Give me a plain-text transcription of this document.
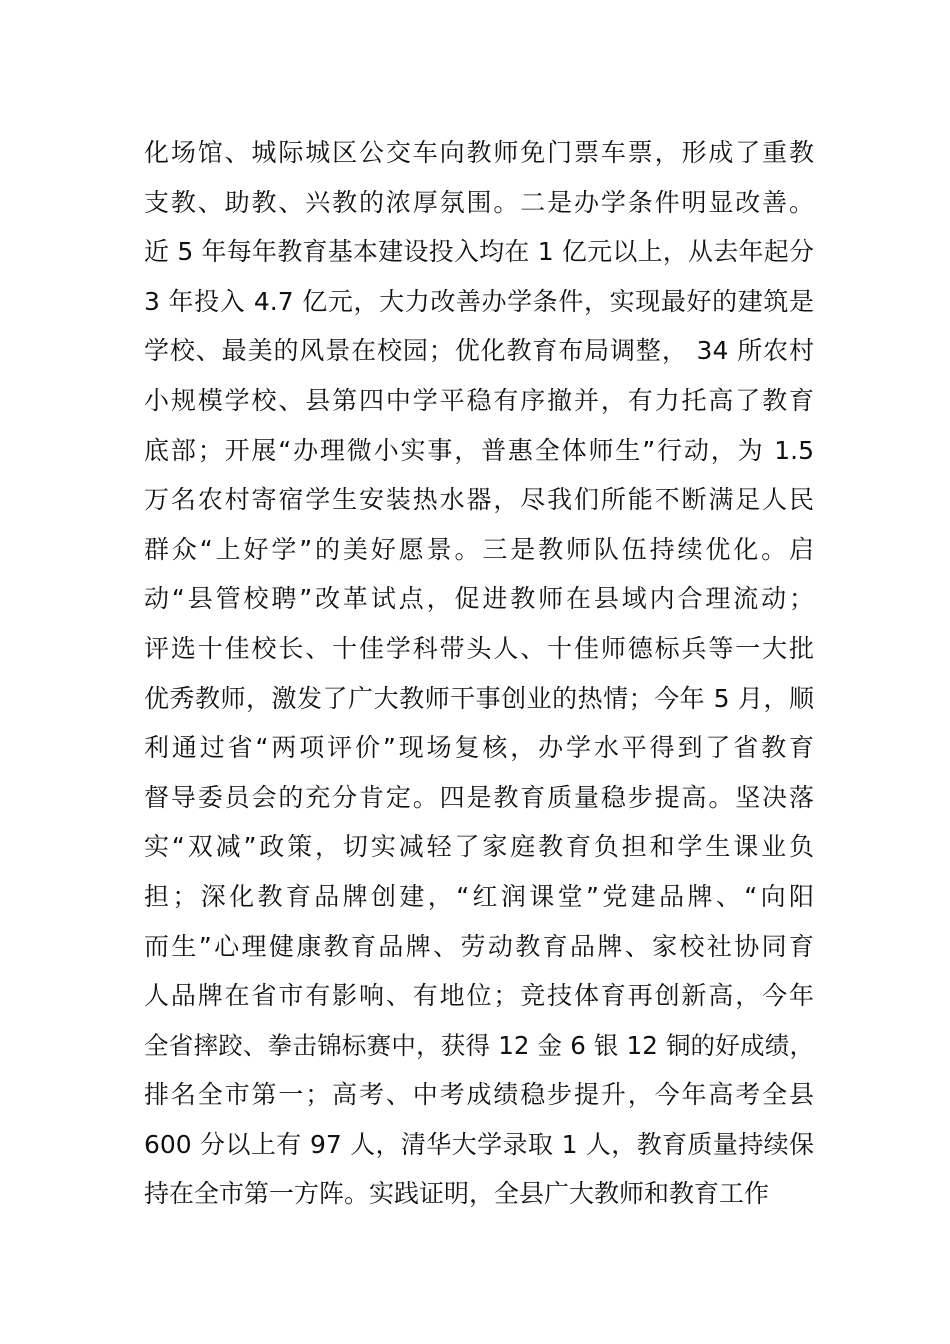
化场馆、城际城区公交车向教师免门票车票，形成了重教
支教、助教、兴教的浓厚氛围。二是办学条件明显改善。
近 5 年每年教育基本建设投入均在 1 亿元以上，从去年起分
3 年投入 4.7 亿元，大力改善办学条件，实现最好的建筑是
学校、最美的风景在校园；优化教育布局调整， 34 所农村
小规模学校、县第四中学平稳有序撤并，有力托高了教育
底部；开展“办理微小实事，普惠全体师生”行动，为 1.5
万名农村寄宿学生安装热水器，尽我们所能不断满足人民
群众“上好学”的美好愿景。三是教师队伍持续优化。启
动“县管校聘”改革试点，促进教师在县域内合理流动；
评选十佳校长、十佳学科带头人、十佳师德标兵等一大批
优秀教师，激发了广大教师干事创业的热情；今年 5 月，顺
利通过省“两项评价”现场复核，办学水平得到了省教育
督导委员会的充分肯定。四是教育质量稳步提高。坚决落
实“双减”政策，切实减轻了家庭教育负担和学生课业负
担；深化教育品牌创建，“红润课堂”党建品牌、“向阳
而生”心理健康教育品牌、劳动教育品牌、家校社协同育
人品牌在省市有影响、有地位；竞技体育再创新高，今年
全省摔跤、拳击锦标赛中，获得 12 金 6 银 12 铜的好成绩，
排名全市第一；高考、中考成绩稳步提升，今年高考全县
600 分以上有 97 人，清华大学录取 1 人，教育质量持续保
持在全市第一方阵。实践证明，全县广大教师和教育工作
